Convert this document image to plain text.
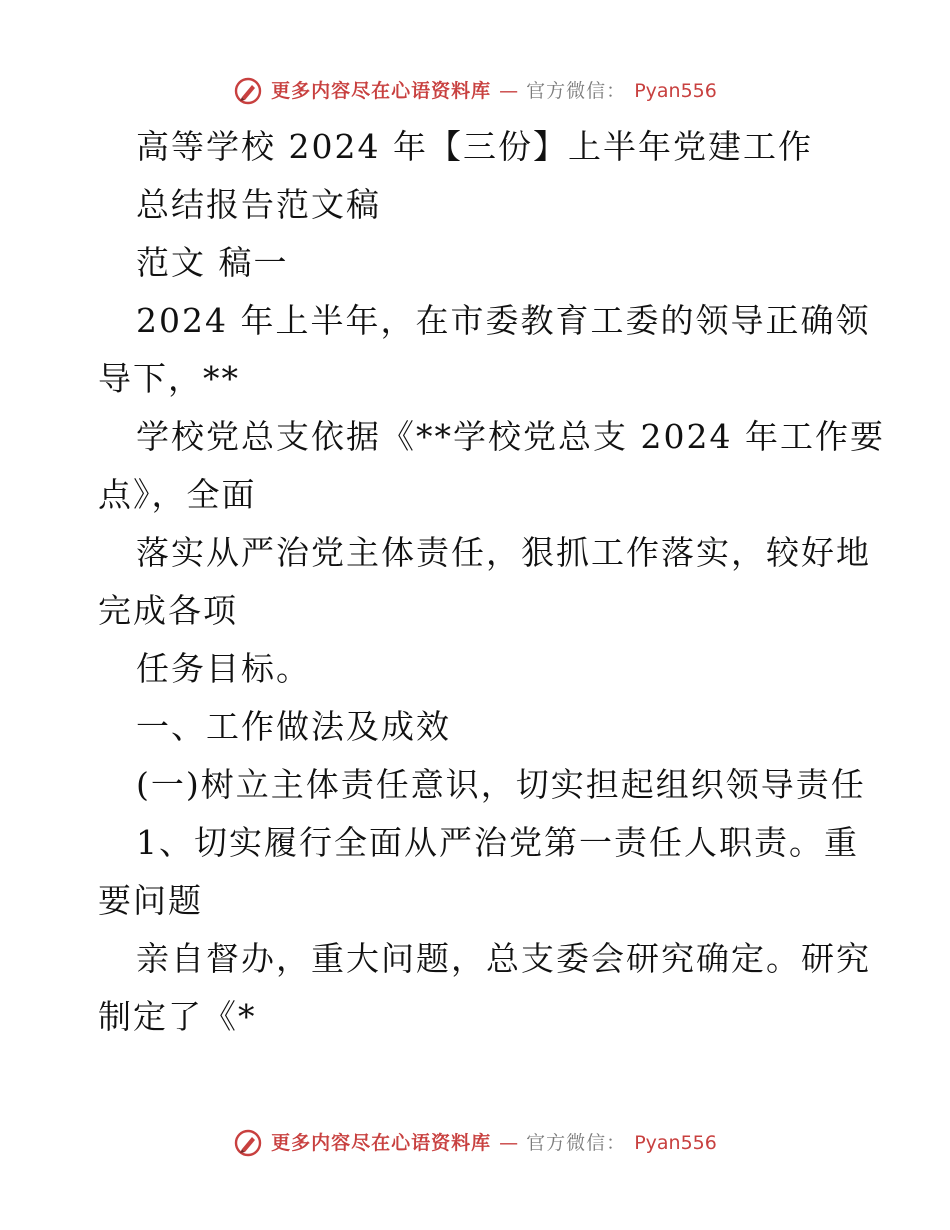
更多内容尽在心语资料库 — 官方微信： Pyan556
高等学校 2024 年【三份】上半年党建工作
总结报告范文稿
范文 稿一
2024 年上半年，在市委教育工委的领导正确领
导下，**
学校党总支依据《**学校党总支 2024 年工作要
点》，全面
落实从严治党主体责任，狠抓工作落实，较好地
完成各项
任务目标。
一、工作做法及成效
(一)树立主体责任意识，切实担起组织领导责任
1、切实履行全面从严治党第一责任人职责。重
要问题
亲自督办，重大问题，总支委会研究确定。研究
制定了《*
更多内容尽在心语资料库 — 官方微信： Pyan556
